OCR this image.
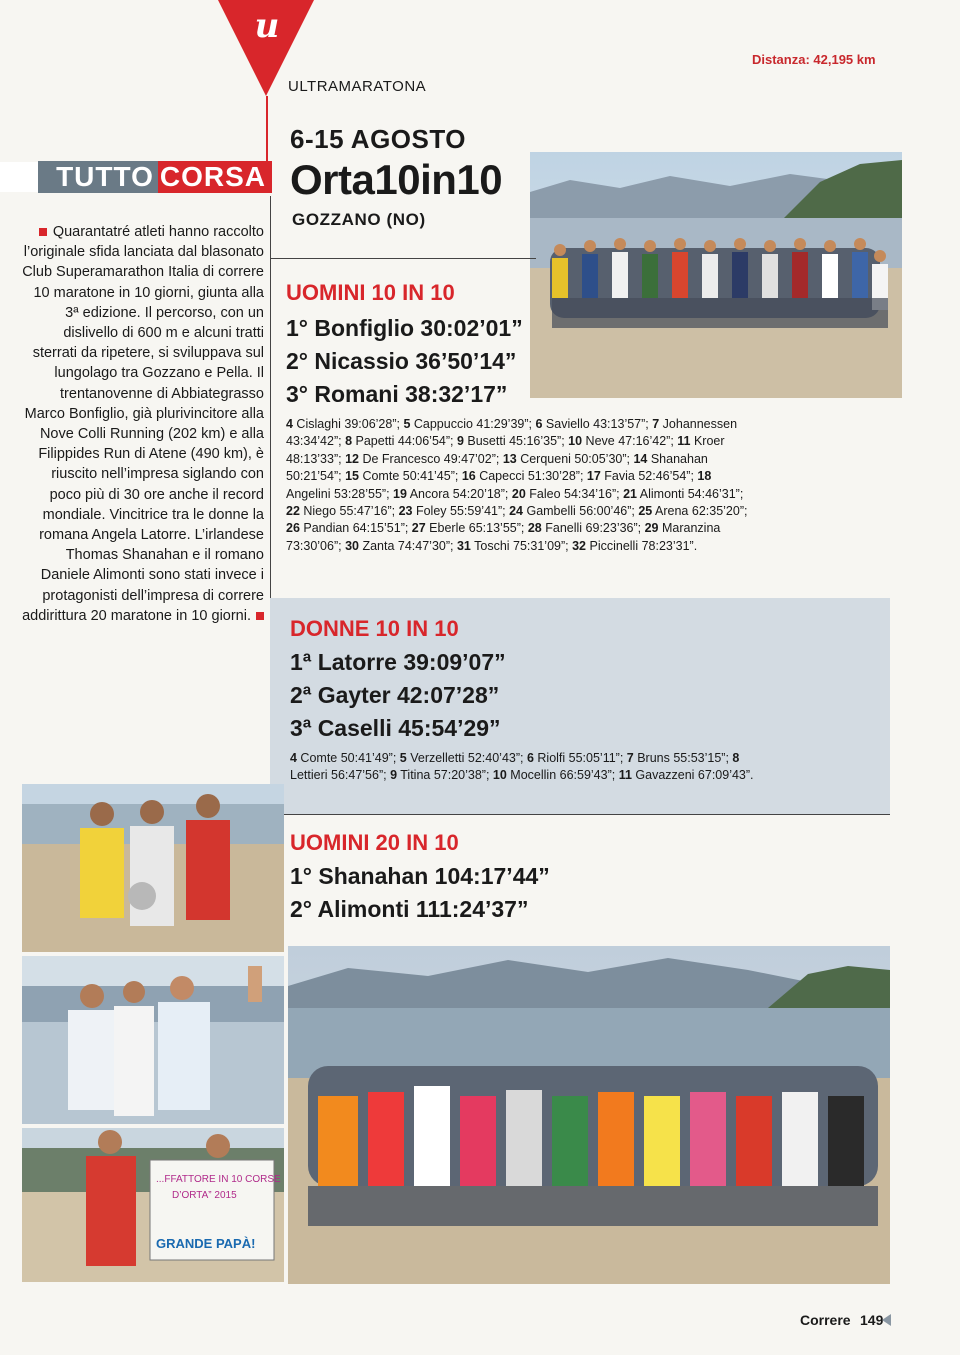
u
ULTRAMARATONA
Distanza: 42,195 km
TUTTO CORSA
6-15 AGOSTO
Orta10in10
GOZZANO (NO)
Quarantatré atleti hanno raccolto l’originale sfida lanciata dal blasonato Club Superamarathon Italia di correre 10 maratone in 10 giorni, giunta alla 3ª edizione. Il percorso, con un dislivello di 600 m e alcuni tratti sterrati da ripetere, si sviluppava sul lungolago tra Gozzano e Pella. Il trentanovenne di Abbiategrasso Marco Bonfiglio, già plurivincitore alla Nove Colli Running (202 km) e alla Filippides Run di Atene (490 km), è riuscito nell’impresa siglando con poco più di 30 ore anche il record mondiale. Vincitrice tra le donne la romana Angela Latorre. L’irlandese Thomas Shanahan e il romano Daniele Alimonti sono stati invece i protagonisti dell’impresa di correre addirittura 20 maratone in 10 giorni.
UOMINI 10 IN 10
1° Bonfiglio 30:02’01”
2° Nicassio 36’50’14”
3° Romani 38:32’17”
4 Cislaghi 39:06’28”; 5 Cappuccio 41:29’39”; 6 Saviello 43:13’57”; 7 Johannessen 43:34’42”; 8 Papetti 44:06’54”; 9 Busetti 45:16’35”; 10 Neve 47:16’42”; 11 Kroer 48:13’33”; 12 De Francesco 49:47’02”; 13 Cerqueni 50:05’30”; 14 Shanahan 50:21’54”; 15 Comte 50:41’45”; 16 Capecci 51:30’28”; 17 Favia 52:46’54”; 18 Angelini 53:28’55”; 19 Ancora 54:20’18”; 20 Faleo 54:34’16”; 21 Alimonti 54:46’31”; 22 Niego 55:47’16”; 23 Foley 55:59’41”; 24 Gambelli 56:00’46”; 25 Arena 62:35’20”; 26 Pandian 64:15’51”; 27 Eberle 65:13’55”; 28 Fanelli 69:23’36”; 29 Maranzina 73:30’06”; 30 Zanta 74:47’30”; 31 Toschi 75:31’09”; 32 Piccinelli 78:23’31”.
DONNE 10 IN 10
1ª Latorre 39:09’07”
2ª Gayter 42:07’28”
3ª Caselli 45:54’29”
4 Comte 50:41’49”; 5 Verzelletti 52:40’43”; 6 Riolfi 55:05’11”; 7 Bruns 55:53’15”; 8 Lettieri 56:47’56”; 9 Titina 57:20’38”; 10 Mocellin 66:59’43”; 11 Gavazzeni 67:09’43”.
UOMINI 20 IN 10
1° Shanahan 104:17’44”
2° Alimonti 111:24’37”
...FFATTORE IN 10 CORSE
D’ORTA” 2015
GRANDE PAPÀ!
Correre 149
